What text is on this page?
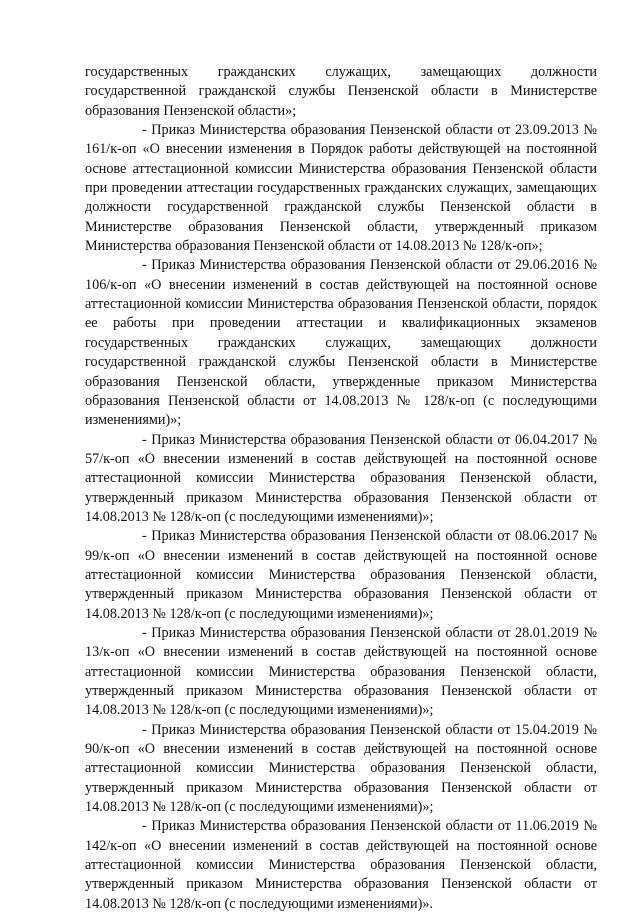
государственных гражданских служащих, замещающих должности государственной гражданской службы Пензенской области в Министерстве образования Пензенской области»;

- Приказ Министерства образования Пензенской области от 23.09.2013 № 161/к-оп «О внесении изменения в Порядок работы действующей на постоянной основе аттестационной комиссии Министерства образования Пензенской области при проведении аттестации государственных гражданских служащих, замещающих должности государственной гражданской службы Пензенской области в Министерстве образования Пензенской области, утвержденный приказом Министерства образования Пензенской области от 14.08.2013 № 128/к-оп»;

- Приказ Министерства образования Пензенской области от 29.06.2016 № 106/к-оп «О внесении изменений в состав действующей на постоянной основе аттестационной комиссии Министерства образования Пензенской области, порядок ее работы при проведении аттестации и квалификационных экзаменов государственных гражданских служащих, замещающих должности государственной гражданской службы Пензенской области в Министерстве образования Пензенской области, утвержденные приказом Министерства образования Пензенской области от 14.08.2013 № 128/к-оп (с последующими изменениями)»;

- Приказ Министерства образования Пензенской области от 06.04.2017 № 57/к-оп «О внесении изменений в состав действующей на постоянной основе аттестационной комиссии Министерства образования Пензенской области, утвержденный приказом Министерства образования Пензенской области от 14.08.2013 № 128/к-оп (с последующими изменениями)»;

- Приказ Министерства образования Пензенской области от 08.06.2017 № 99/к-оп «О внесении изменений в состав действующей на постоянной основе аттестационной комиссии Министерства образования Пензенской области, утвержденный приказом Министерства образования Пензенской области от 14.08.2013 № 128/к-оп (с последующими изменениями)»;

- Приказ Министерства образования Пензенской области от 28.01.2019 № 13/к-оп «О внесении изменений в состав действующей на постоянной основе аттестационной комиссии Министерства образования Пензенской области, утвержденный приказом Министерства образования Пензенской области от 14.08.2013 № 128/к-оп (с последующими изменениями)»;

- Приказ Министерства образования Пензенской области от 15.04.2019 № 90/к-оп «О внесении изменений в состав действующей на постоянной основе аттестационной комиссии Министерства образования Пензенской области, утвержденный приказом Министерства образования Пензенской области от 14.08.2013 № 128/к-оп (с последующими изменениями)»;

- Приказ Министерства образования Пензенской области от 11.06.2019 № 142/к-оп «О внесении изменений в состав действующей на постоянной основе аттестационной комиссии Министерства образования Пензенской области, утвержденный приказом Министерства образования Пензенской области от 14.08.2013 № 128/к-оп (с последующими изменениями)».
